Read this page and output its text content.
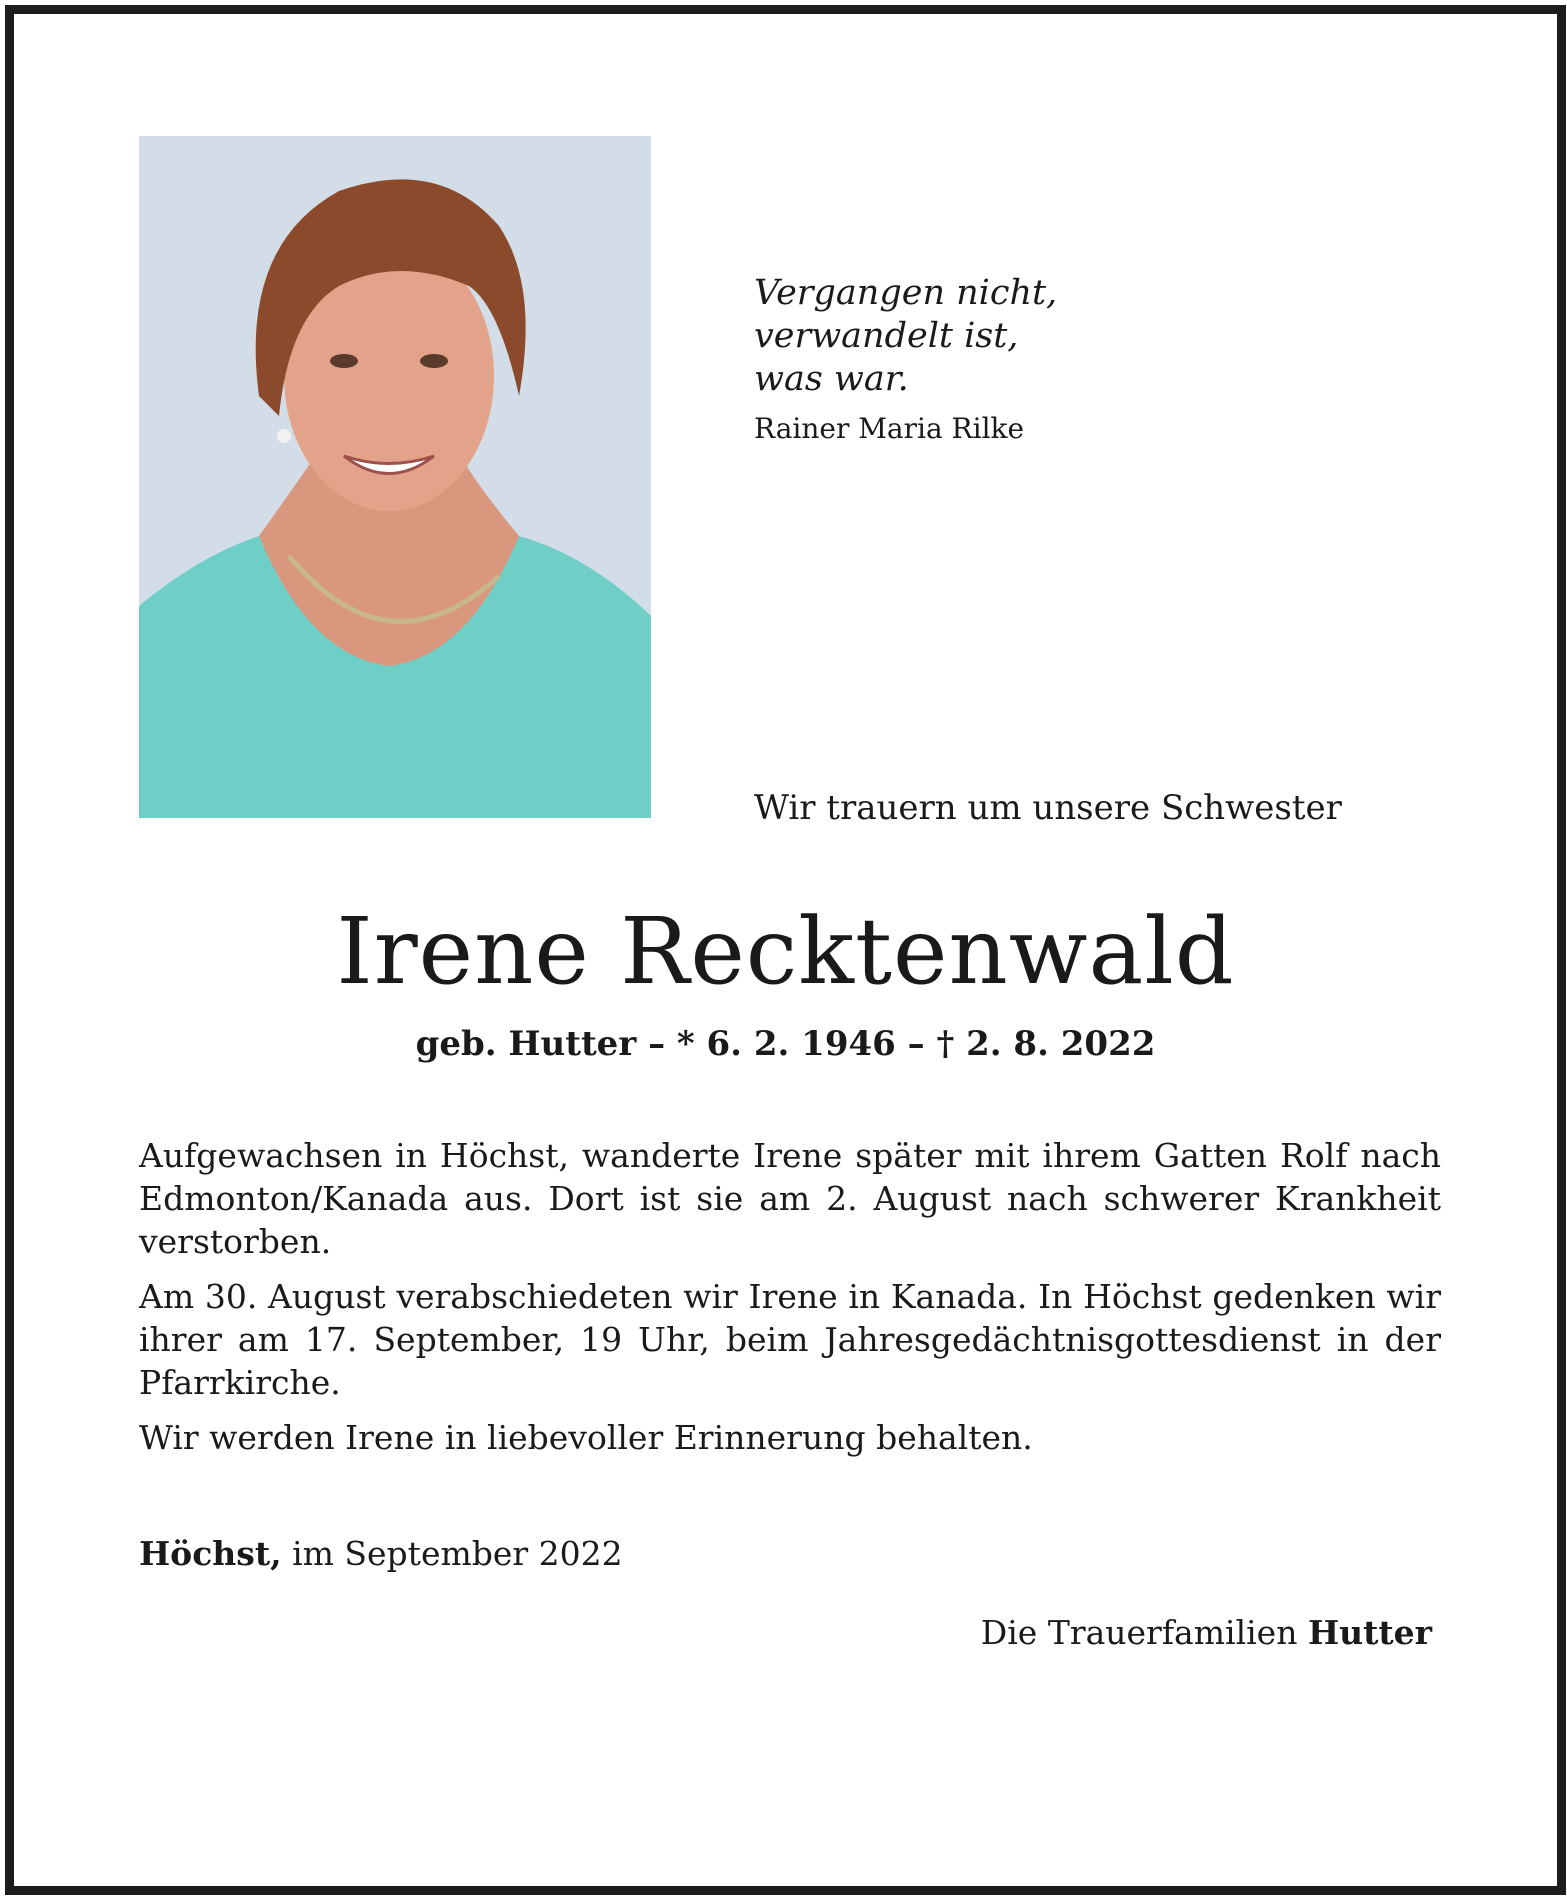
Vergangen nicht,
verwandelt ist,
was war.
Rainer Maria Rilke
Wir trauern um unsere Schwester
Irene Recktenwald
geb. Hutter – * 6. 2. 1946 – † 2. 8. 2022

Aufgewachsen in Höchst, wanderte Irene später mit ihrem Gatten Rolf nach Edmonton/Kanada aus. Dort ist sie am 2. August nach schwerer Krankheit verstorben.

Am 30. August verabschiedeten wir Irene in Kanada. In Höchst gedenken wir ihrer am 17. September, 19 Uhr, beim Jahresgedächtnisgottesdienst in der Pfarrkirche.

Wir werden Irene in liebevoller Erinnerung behalten.

Höchst, im September 2022
Die Trauerfamilien Hutter
